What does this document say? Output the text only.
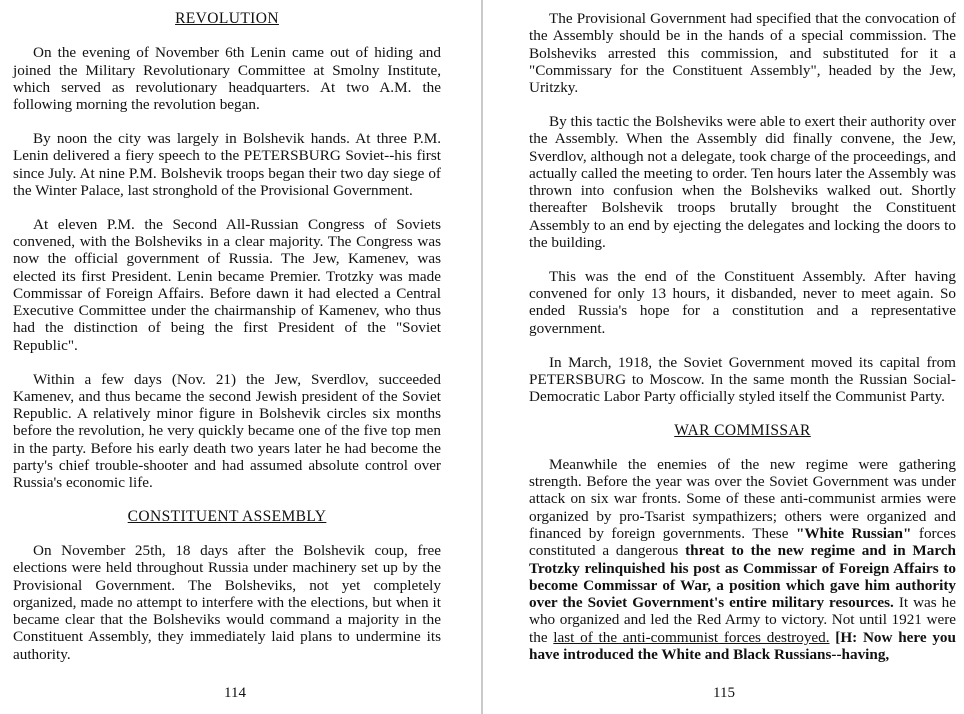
REVOLUTION

On the evening of November 6th Lenin came out of hiding and joined the Military Revolutionary Committee at Smolny Institute, which served as revolutionary headquarters. At two A.M. the following morning the revolution began.

By noon the city was largely in Bolshevik hands. At three P.M. Lenin delivered a fiery speech to the PETERSBURG Soviet--his first since July. At nine P.M. Bolshevik troops began their two day siege of the Winter Palace, last stronghold of the Provisional Government.

At eleven P.M. the Second All-Russian Congress of Soviets convened, with the Bolsheviks in a clear majority. The Congress was now the official government of Russia. The Jew, Kamenev, was elected its first President. Lenin became Premier. Trotzky was made Commissar of Foreign Affairs. Before dawn it had elected a Central Executive Committee under the chairmanship of Kamenev, who thus had the distinction of being the first President of the "Soviet Republic".

Within a few days (Nov. 21) the Jew, Sverdlov, succeeded Kamenev, and thus became the second Jewish president of the Soviet Republic. A relatively minor figure in Bolshevik circles six months before the revolution, he very quickly became one of the five top men in the party. Before his early death two years later he had become the party's chief trouble-shooter and had assumed absolute control over Russia's economic life.

CONSTITUENT ASSEMBLY

On November 25th, 18 days after the Bolshevik coup, free elections were held throughout Russia under machinery set up by the Provisional Government. The Bolsheviks, not yet completely organized, made no attempt to interfere with the elections, but when it became clear that the Bolsheviks would command a majority in the Constituent Assembly, they immediately laid plans to undermine its authority.

114

The Provisional Government had specified that the convocation of the Assembly should be in the hands of a special commission. The Bolsheviks arrested this commission, and substituted for it a "Commissary for the Constituent Assembly", headed by the Jew, Uritzky.

By this tactic the Bolsheviks were able to exert their authority over the Assembly. When the Assembly did finally convene, the Jew, Sverdlov, although not a delegate, took charge of the proceedings, and actually called the meeting to order. Ten hours later the Assembly was thrown into confusion when the Bolsheviks walked out. Shortly thereafter Bolshevik troops brutally brought the Constituent Assembly to an end by ejecting the delegates and locking the doors to the building.

This was the end of the Constituent Assembly. After having convened for only 13 hours, it disbanded, never to meet again. So ended Russia's hope for a constitution and a representative government.

In March, 1918, the Soviet Government moved its capital from PETERSBURG to Moscow. In the same month the Russian Social-Democratic Labor Party officially styled itself the Communist Party.

WAR COMMISSAR

Meanwhile the enemies of the new regime were gathering strength. Before the year was over the Soviet Government was under attack on six war fronts. Some of these anti-communist armies were organized by pro-Tsarist sympathizers; others were organized and financed by foreign governments. These "White Russian" forces constituted a dangerous threat to the new regime and in March Trotzky relinquished his post as Commissar of Foreign Affairs to become Commissar of War, a position which gave him authority over the Soviet Government's entire military resources. It was he who organized and led the Red Army to victory. Not until 1921 were the last of the anti-communist forces destroyed. [H: Now here you have introduced the White and Black Russians--having,

115
